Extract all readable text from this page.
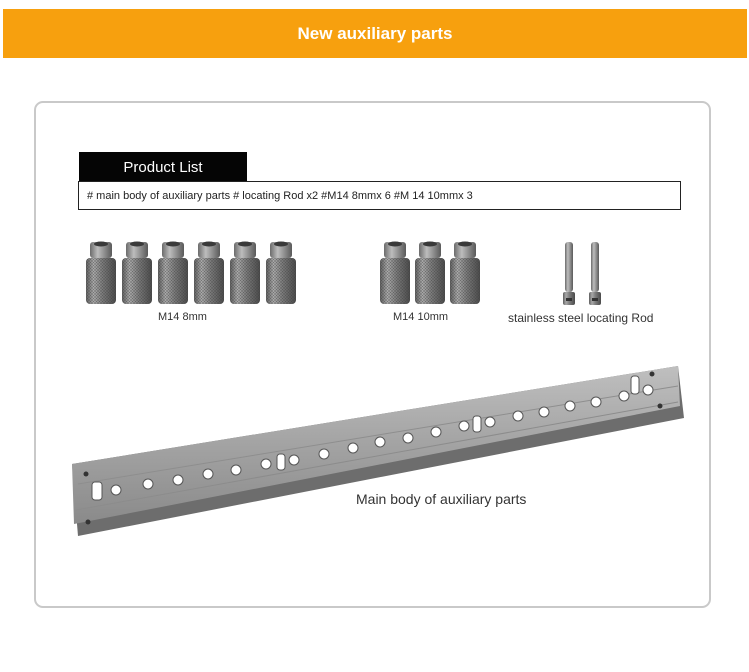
New auxiliary parts
Product List
# main body of auxiliary parts # locating Rod x2 #M14 8mmx 6 #M 14 10mmx 3
M14 8mm	M14 10mm	stainless steel locating Rod
Main body of auxiliary parts
